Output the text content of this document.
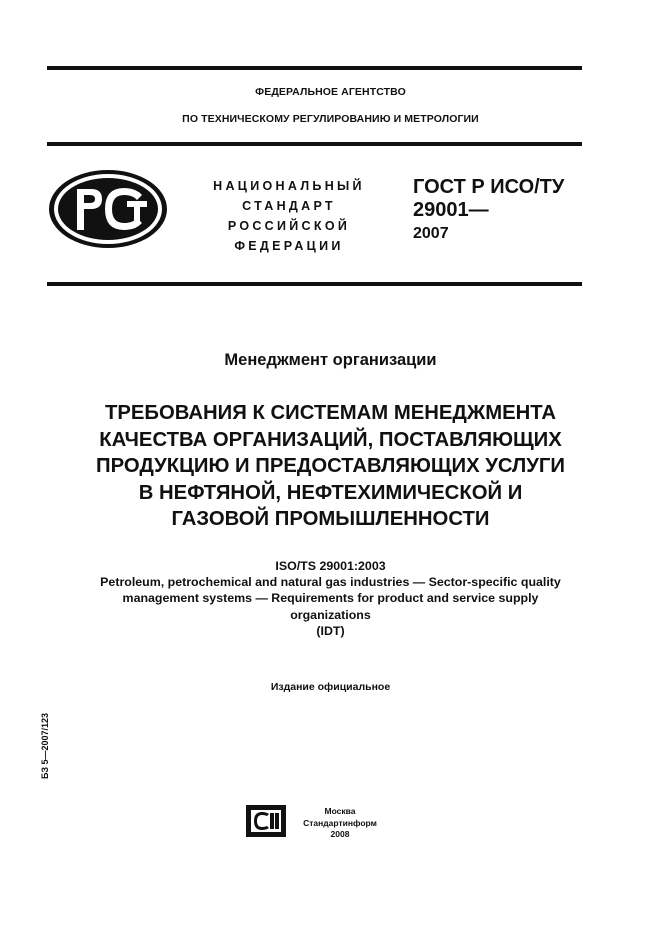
ФЕДЕРАЛЬНОЕ АГЕНТСТВО
ПО ТЕХНИЧЕСКОМУ РЕГУЛИРОВАНИЮ И МЕТРОЛОГИИ
НАЦИОНАЛЬНЫЙ
СТАНДАРТ
РОССИЙСКОЙ
ФЕДЕРАЦИИ
ГОСТ Р ИСО/ТУ 29001—
2007
Менеджмент организации
ТРЕБОВАНИЯ К СИСТЕМАМ МЕНЕДЖМЕНТА
КАЧЕСТВА ОРГАНИЗАЦИЙ, ПОСТАВЛЯЮЩИХ
ПРОДУКЦИЮ И ПРЕДОСТАВЛЯЮЩИХ УСЛУГИ
В НЕФТЯНОЙ, НЕФТЕХИМИЧЕСКОЙ И
ГАЗОВОЙ ПРОМЫШЛЕННОСТИ
ISO/TS 29001:2003
Petroleum, petrochemical and natural gas industries — Sector-specific quality
management systems — Requirements for product and service supply
organizations
(IDT)
Издание официальное
БЗ 5—2007/123
Москва
Стандартинформ
2008
